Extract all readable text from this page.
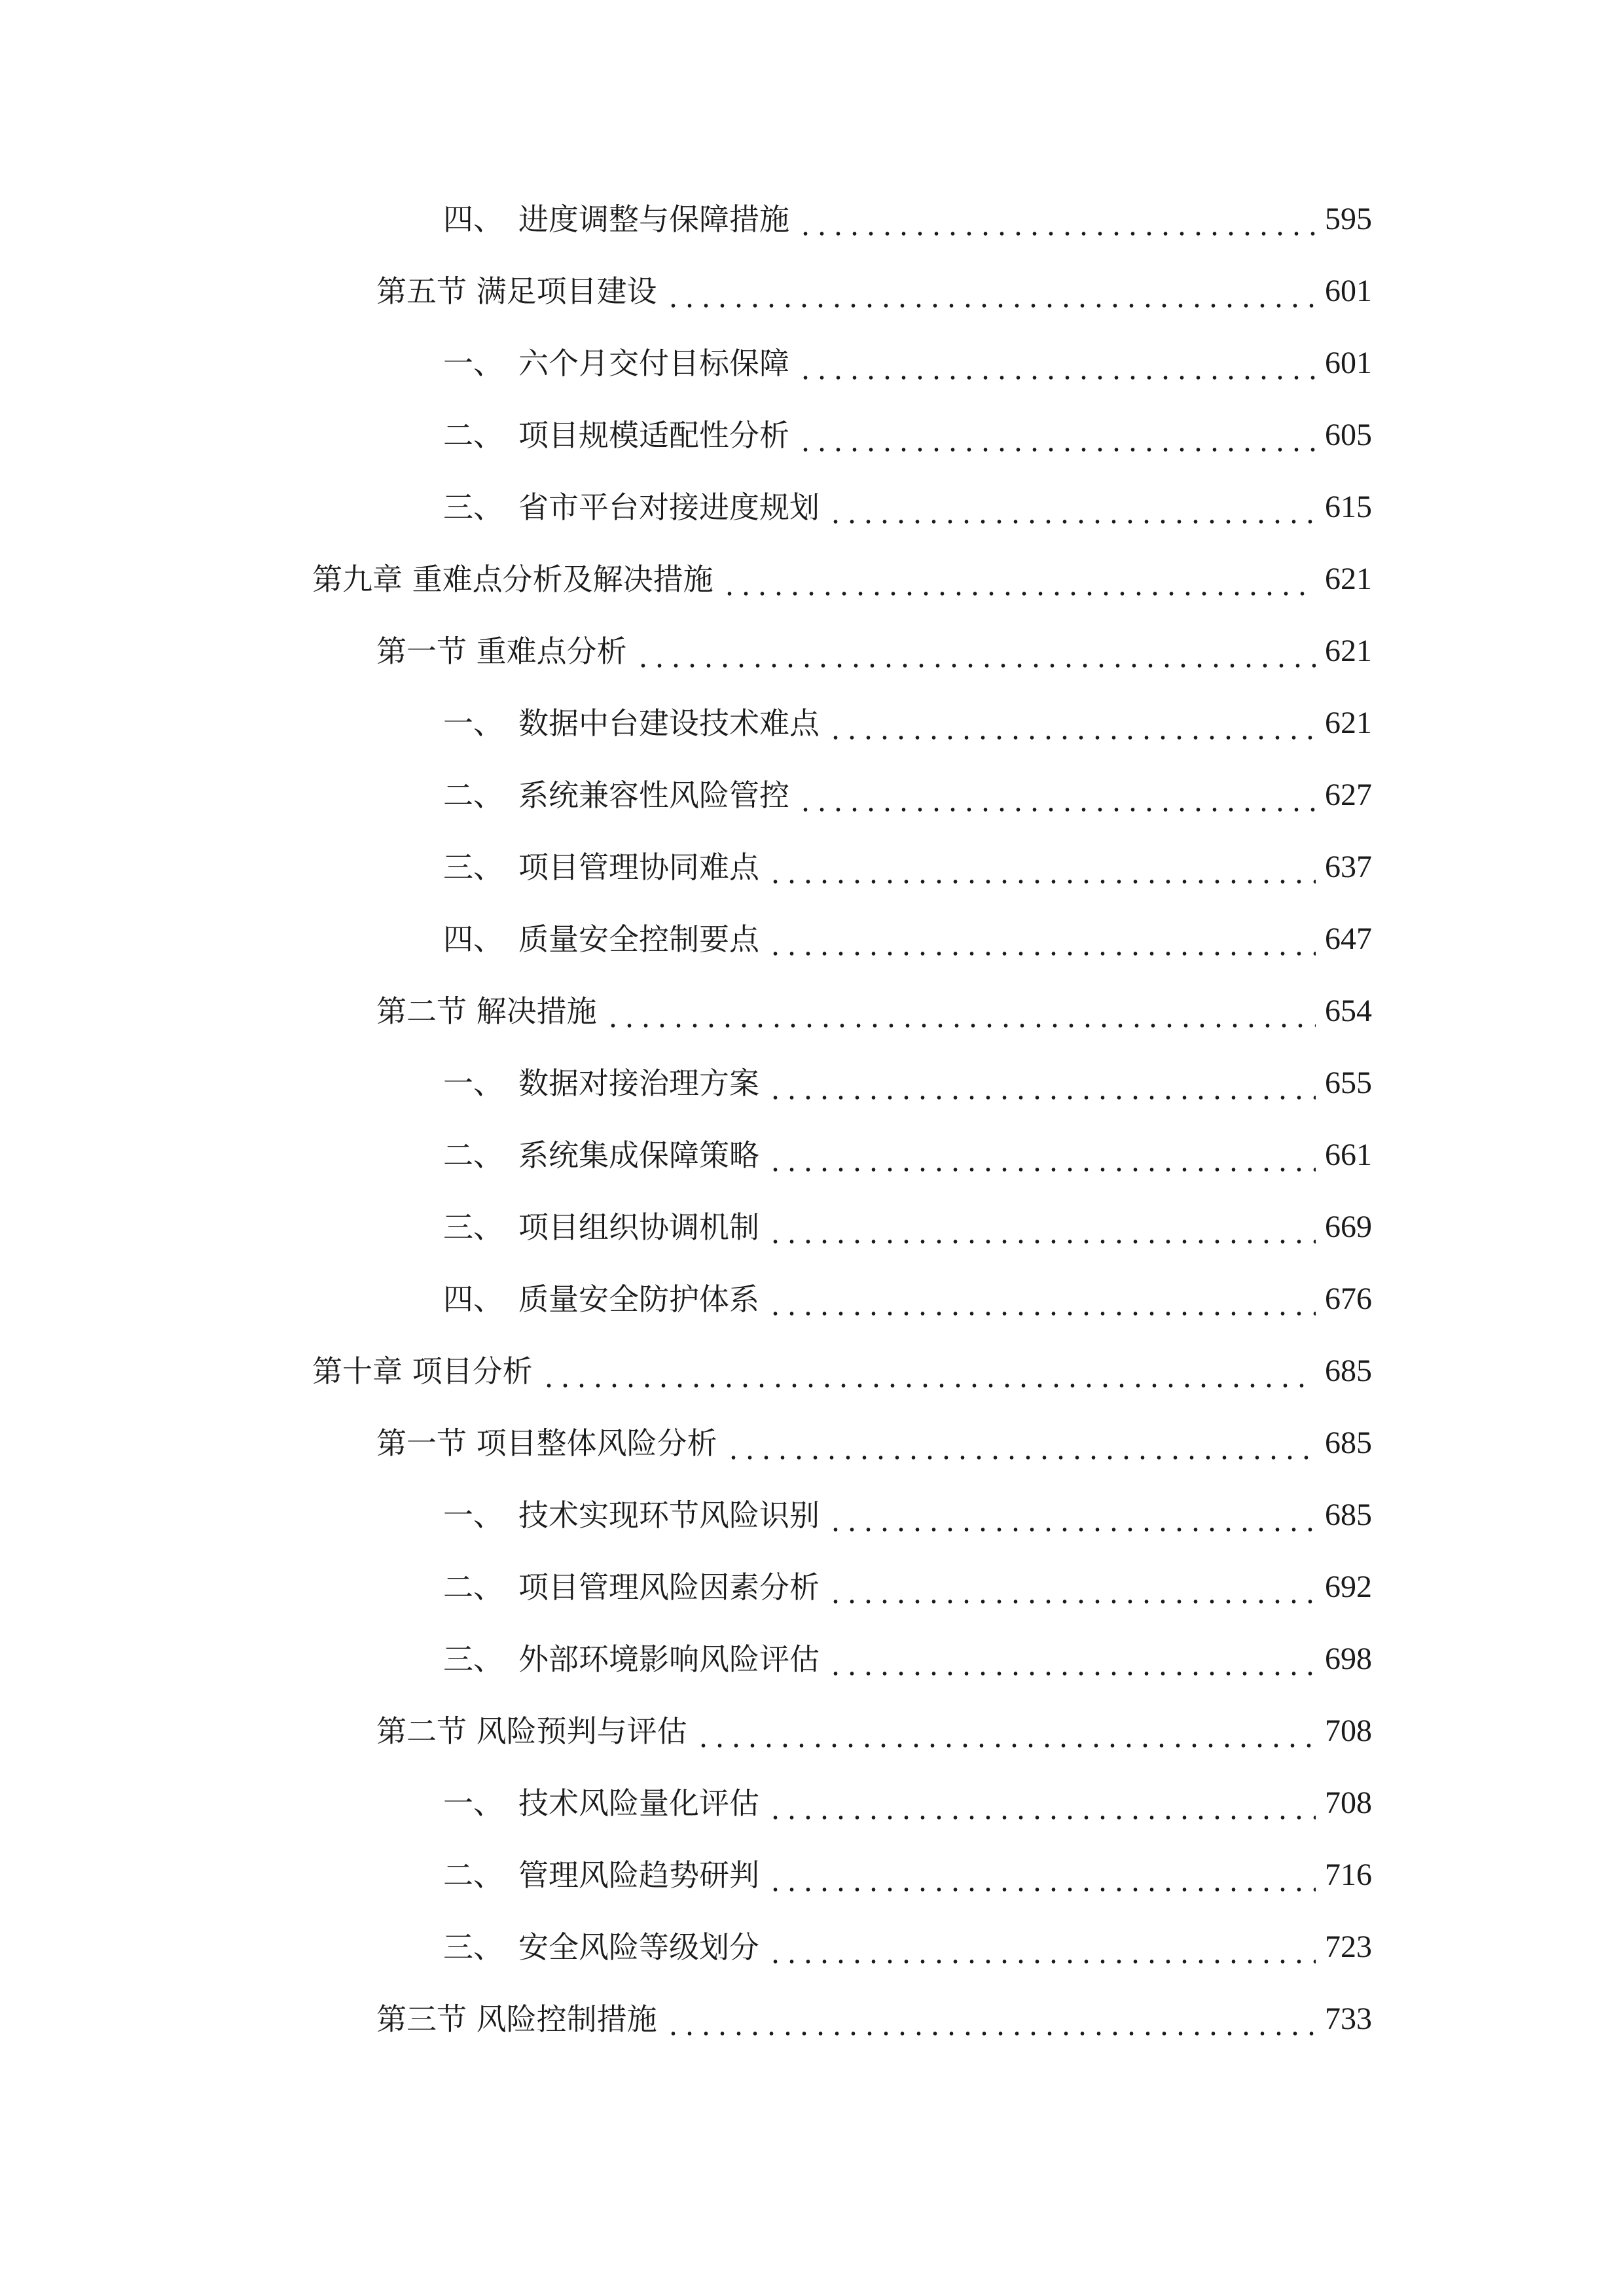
四、　进度调整与保障措施	595
第五节 满足项目建设	601
一、　六个月交付目标保障	601
二、　项目规模适配性分析	605
三、　省市平台对接进度规划	615
第九章 重难点分析及解决措施	621
第一节 重难点分析	621
一、　数据中台建设技术难点	621
二、　系统兼容性风险管控	627
三、　项目管理协同难点	637
四、　质量安全控制要点	647
第二节 解决措施	654
一、　数据对接治理方案	655
二、　系统集成保障策略	661
三、　项目组织协调机制	669
四、　质量安全防护体系	676
第十章 项目分析	685
第一节 项目整体风险分析	685
一、　技术实现环节风险识别	685
二、　项目管理风险因素分析	692
三、　外部环境影响风险评估	698
第二节 风险预判与评估	708
一、　技术风险量化评估	708
二、　管理风险趋势研判	716
三、　安全风险等级划分	723
第三节 风险控制措施	733
